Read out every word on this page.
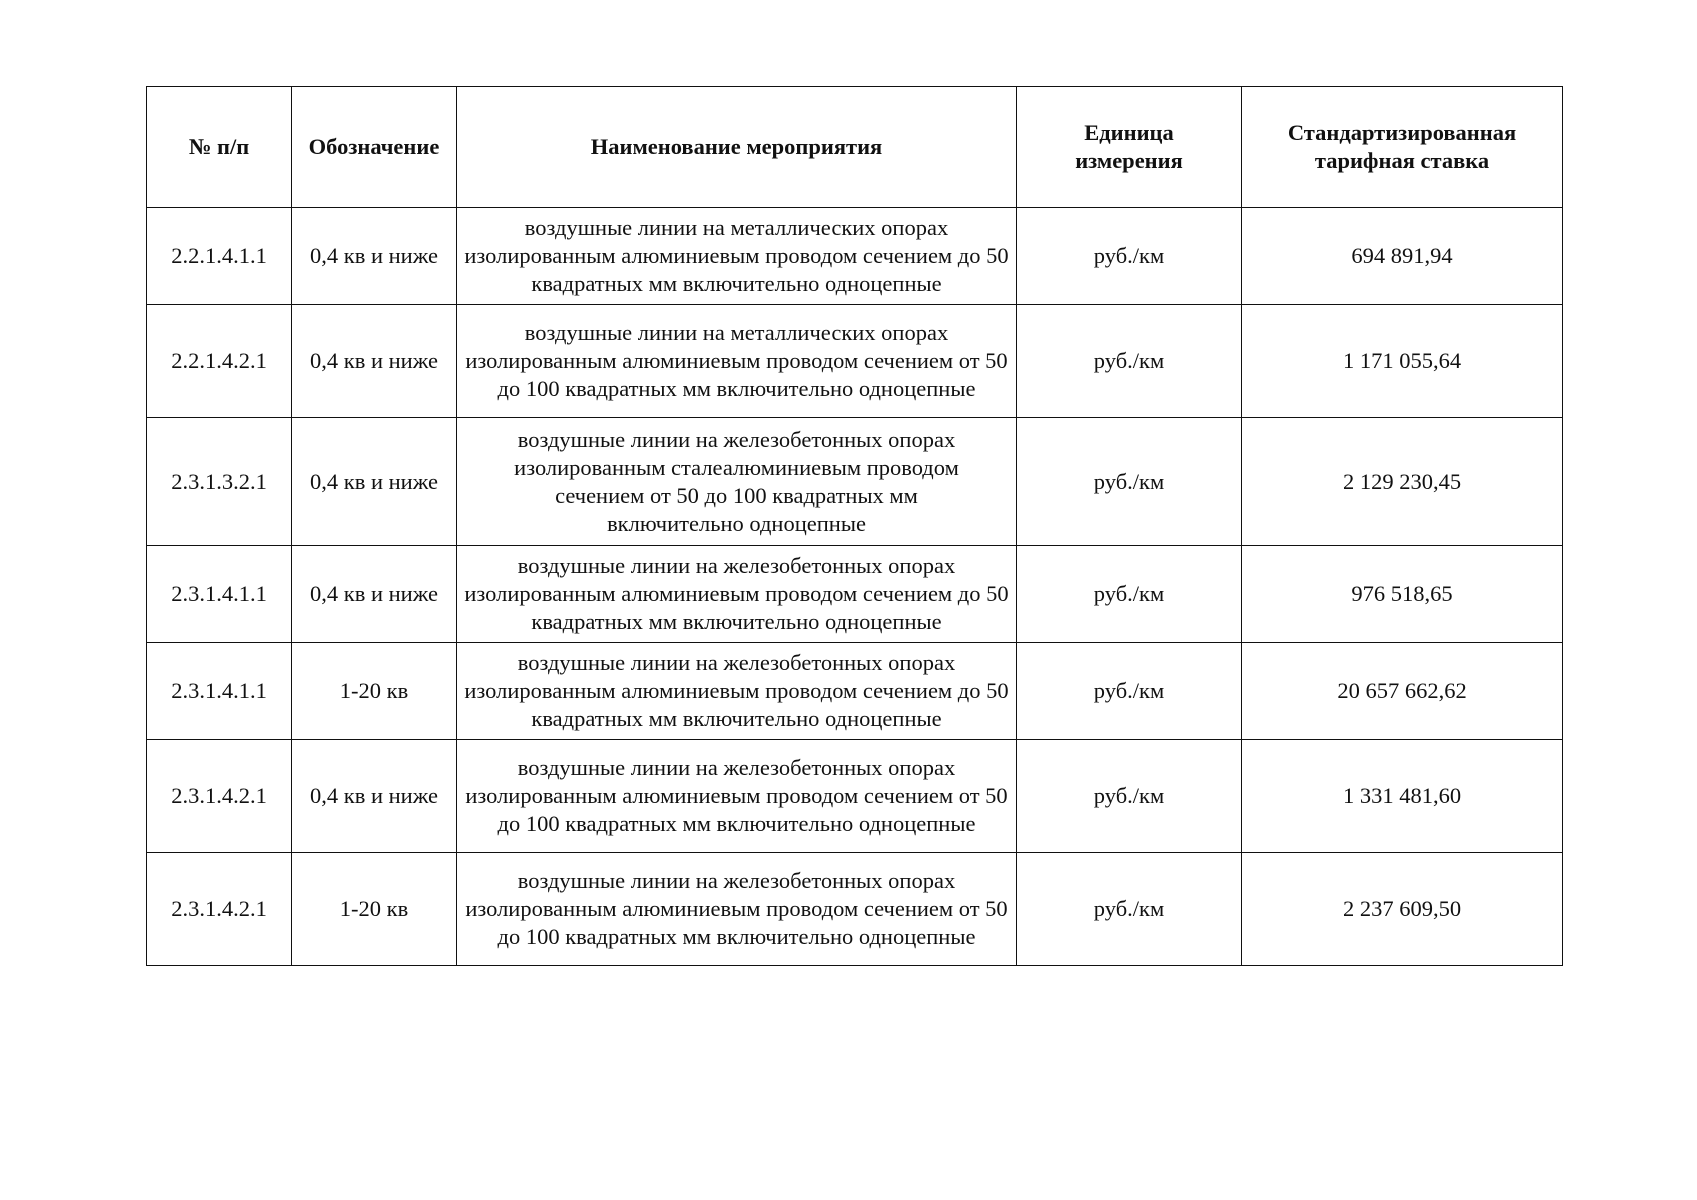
№ п/п	Обозначение	Наименование мероприятия	Единица измерения	Стандартизированная тарифная ставка
2.2.1.4.1.1	0,4 кв и ниже	воздушные линии на металлических опорах изолированным алюминиевым проводом сечением до 50 квадратных мм включительно одноцепные	руб./км	694 891,94
2.2.1.4.2.1	0,4 кв и ниже	воздушные линии на металлических опорах изолированным алюминиевым проводом сечением от 50 до 100 квадратных мм включительно одноцепные	руб./км	1 171 055,64
2.3.1.3.2.1	0,4 кв и ниже	воздушные линии на железобетонных опорах изолированным сталеалюминиевым проводом сечением от 50 до 100 квадратных мм включительно одноцепные	руб./км	2 129 230,45
2.3.1.4.1.1	0,4 кв и ниже	воздушные линии на железобетонных опорах изолированным алюминиевым проводом сечением до 50 квадратных мм включительно одноцепные	руб./км	976 518,65
2.3.1.4.1.1	1-20 кв	воздушные линии на железобетонных опорах изолированным алюминиевым проводом сечением до 50 квадратных мм включительно одноцепные	руб./км	20 657 662,62
2.3.1.4.2.1	0,4 кв и ниже	воздушные линии на железобетонных опорах изолированным алюминиевым проводом сечением от 50 до 100 квадратных мм включительно одноцепные	руб./км	1 331 481,60
2.3.1.4.2.1	1-20 кв	воздушные линии на железобетонных опорах изолированным алюминиевым проводом сечением от 50 до 100 квадратных мм включительно одноцепные	руб./км	2 237 609,50
